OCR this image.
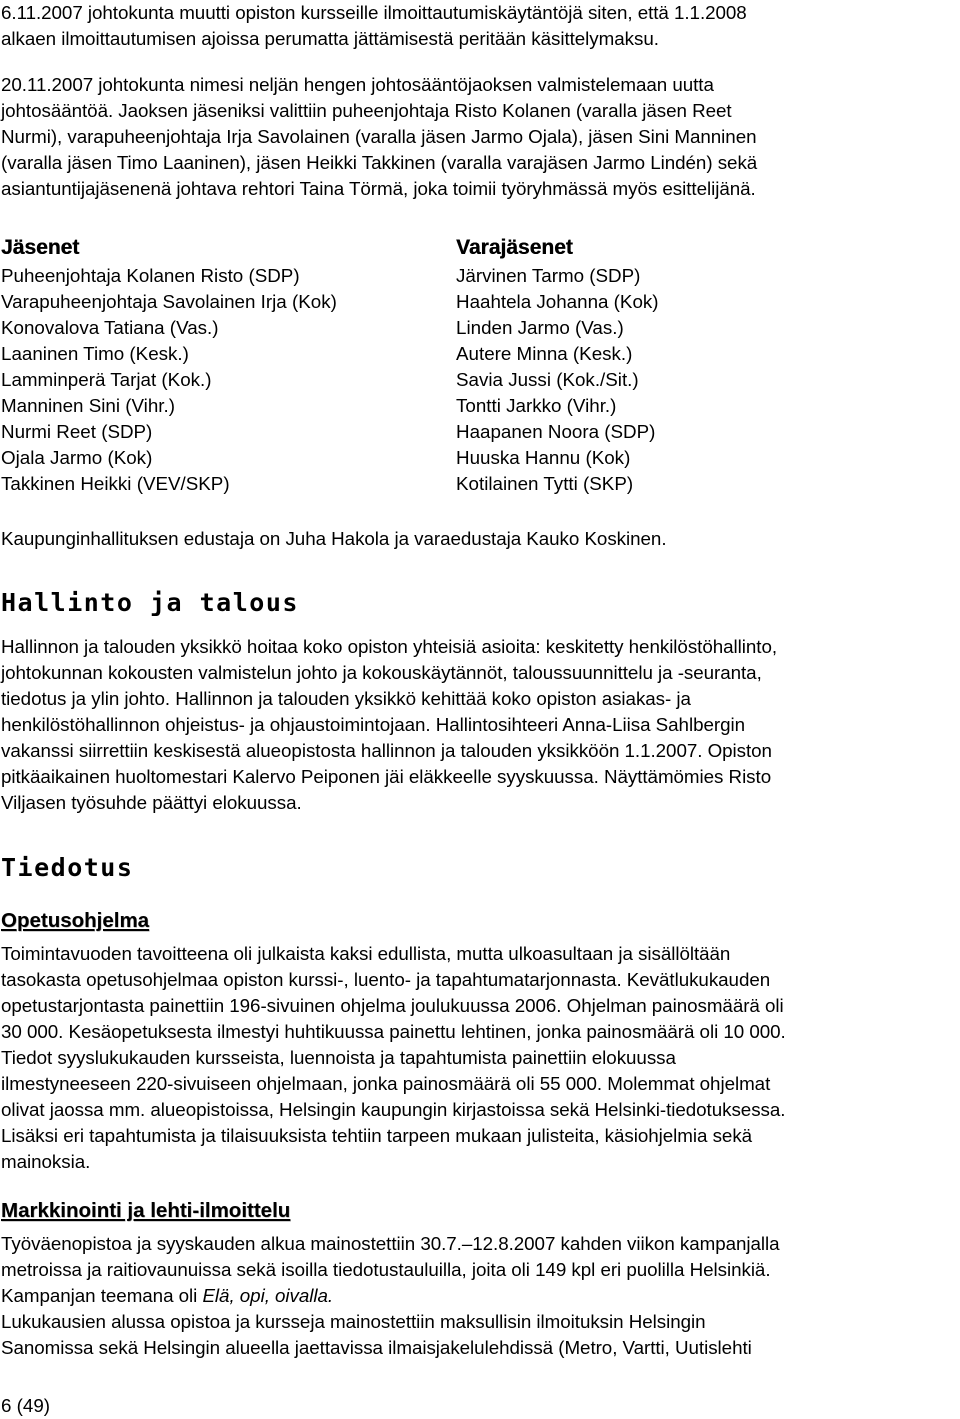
6.11.2007 johtokunta muutti opiston kursseille ilmoittautumiskäytäntöjä siten, että 1.1.2008
alkaen ilmoittautumisen ajoissa perumatta jättämisestä peritään käsittelymaksu.
20.11.2007 johtokunta nimesi neljän hengen johtosääntöjaoksen valmistelemaan uutta
johtosääntöä. Jaoksen jäseniksi valittiin puheenjohtaja Risto Kolanen (varalla jäsen Reet
Nurmi), varapuheenjohtaja Irja Savolainen (varalla jäsen Jarmo Ojala), jäsen Sini Manninen
(varalla jäsen Timo Laaninen), jäsen Heikki Takkinen (varalla varajäsen Jarmo Lindén) sekä
asiantuntijajäsenenä johtava rehtori Taina Törmä, joka toimii työryhmässä myös esittelijänä.
Jäsenet
Puheenjohtaja Kolanen Risto (SDP)
Varapuheenjohtaja Savolainen Irja (Kok)
Konovalova Tatiana (Vas.)
Laaninen Timo (Kesk.)
Lamminperä Tarjat (Kok.)
Manninen Sini (Vihr.)
Nurmi Reet (SDP)
Ojala Jarmo (Kok)
Takkinen Heikki (VEV/SKP)
Varajäsenet
Järvinen Tarmo (SDP)
Haahtela Johanna (Kok)
Linden Jarmo (Vas.)
Autere Minna (Kesk.)
Savia Jussi (Kok./Sit.)
Tontti Jarkko (Vihr.)
Haapanen Noora (SDP)
Huuska Hannu (Kok)
Kotilainen Tytti (SKP)
Kaupunginhallituksen edustaja on Juha Hakola ja varaedustaja Kauko Koskinen.
Hallinto ja talous
Hallinnon ja talouden yksikkö hoitaa koko opiston yhteisiä asioita: keskitetty henkilöstöhallinto,
johtokunnan kokousten valmistelun johto ja kokouskäytännöt, taloussuunnittelu ja -seuranta,
tiedotus ja ylin johto. Hallinnon ja talouden yksikkö kehittää koko opiston asiakas- ja
henkilöstöhallinnon ohjeistus- ja ohjaustoimintojaan. Hallintosihteeri Anna-Liisa Sahlbergin
vakanssi siirrettiin keskisestä alueopistosta hallinnon ja talouden yksikköön 1.1.2007. Opiston
pitkäaikainen huoltomestari Kalervo Peiponen jäi eläkkeelle syyskuussa. Näyttämömies Risto
Viljasen työsuhde päättyi elokuussa.
Tiedotus
Opetusohjelma
Toimintavuoden tavoitteena oli julkaista kaksi edullista, mutta ulkoasultaan ja sisällöltään
tasokasta opetusohjelmaa opiston kurssi-, luento- ja tapahtumatarjonnasta. Kevätlukukauden
opetustarjontasta painettiin 196-sivuinen ohjelma joulukuussa 2006. Ohjelman painosmäärä oli
30 000. Kesäopetuksesta ilmestyi huhtikuussa painettu lehtinen, jonka painosmäärä oli 10 000.
Tiedot syyslukukauden kursseista, luennoista ja tapahtumista painettiin elokuussa
ilmestyneeseen 220-sivuiseen ohjelmaan, jonka painosmäärä oli 55 000. Molemmat ohjelmat
olivat jaossa mm. alueopistoissa, Helsingin kaupungin kirjastoissa sekä Helsinki-tiedotuksessa.
Lisäksi eri tapahtumista ja tilaisuuksista tehtiin tarpeen mukaan julisteita, käsiohjelmia sekä
mainoksia.
Markkinointi ja lehti-ilmoittelu
Työväenopistoa ja syyskauden alkua mainostettiin 30.7.–12.8.2007 kahden viikon kampanjalla
metroissa ja raitiovaunuissa sekä isoilla tiedotustauluilla, joita oli 149 kpl eri puolilla Helsinkiä.
Kampanjan teemana oli Elä, opi, oivalla.
Lukukausien alussa opistoa ja kursseja mainostettiin maksullisin ilmoituksin Helsingin
Sanomissa sekä Helsingin alueella jaettavissa ilmaisjakelulehdissä (Metro, Vartti, Uutislehti
6 (49)
